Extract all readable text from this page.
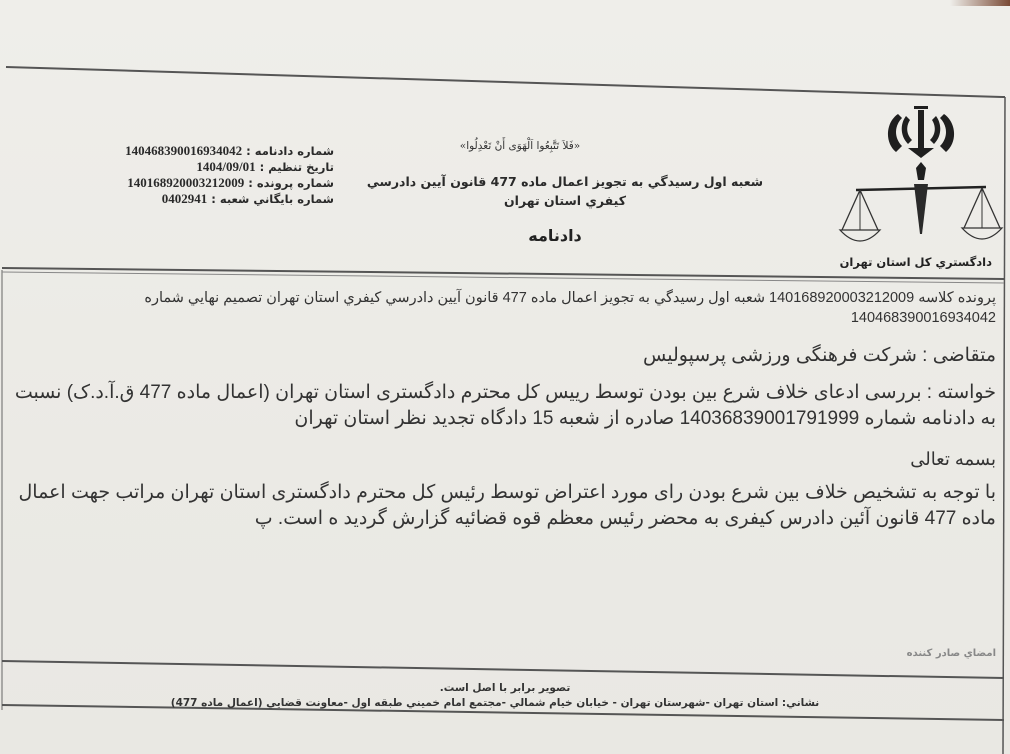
شماره دادنامه : 140468390016934042
تاريخ تنظيم : 1404/09/01
شماره پرونده : 140168920003212009
شماره بايگاني شعبه : 0402941
«فَلاَ تَتَّبِعُوا اَلْهَوَى أَنْ تَعْدِلُوا»
شعبه اول رسيدگي به تجويز اعمال ماده 477 قانون آيين دادرسي
كيفري استان تهران
دادنامه
دادگستري كل استان تهران
پرونده كلاسه 140168920003212009 شعبه اول رسيدگي به تجويز اعمال ماده 477 قانون آيين دادرسي كيفري استان تهران تصميم نهايي شماره 140468390016934042
متقاضی : شرکت فرهنگی ورزشی پرسپولیس
خواسته : بررسی ادعای خلاف شرع بین بودن توسط رییس کل محترم دادگستری استان تهران (اعمال ماده 477 ق.آ.د.ک) نسبت به دادنامه شماره 14036839001791999 صادره از شعبه 15 دادگاه تجدید نظر استان تهران
بسمه تعالی
با توجه به تشخیص خلاف بین شرع بودن رای مورد اعتراض توسط رئیس کل محترم دادگستری استان تهران مراتب جهت اعمال ماده 477 قانون آئین دادرس کیفری به محضر رئیس معظم قوه قضائیه گزارش گردید ه است. پ
امضاي صادر كننده
تصوير برابر با اصل است.
نشاني: استان تهران -شهرستان تهران - خيابان خيام شمالي -مجتمع امام خميني طبقه اول -معاونت قضايي (اعمال ماده 477)
